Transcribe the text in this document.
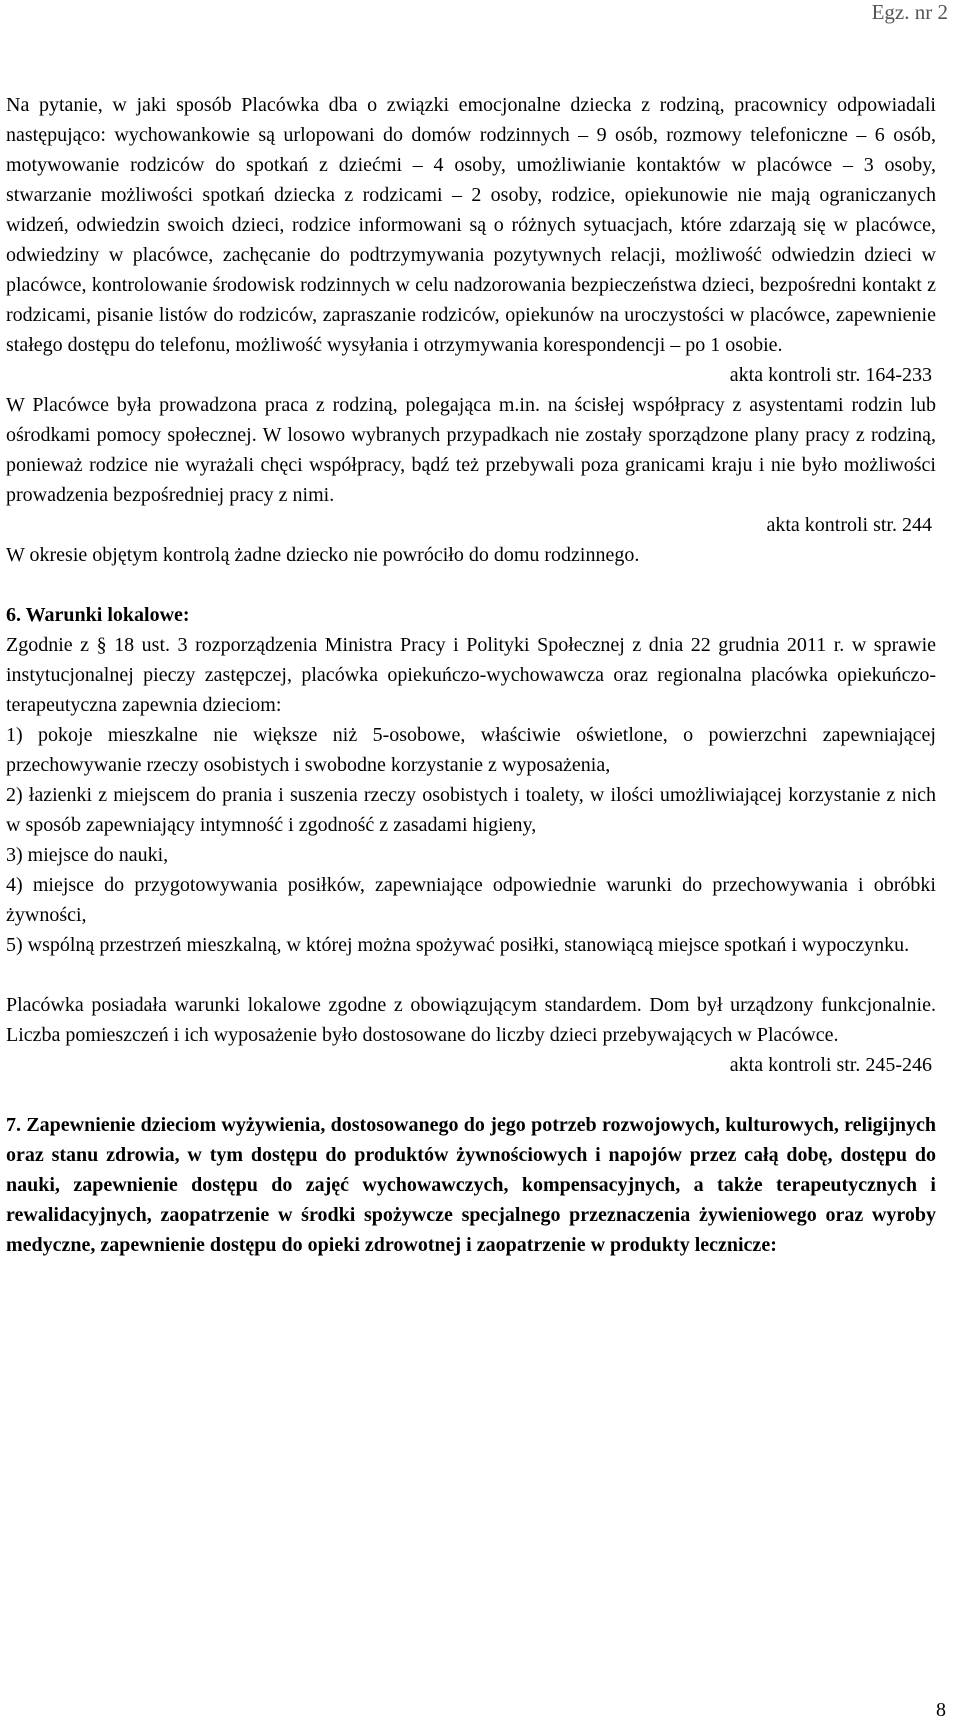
Egz. nr 2

Na pytanie, w jaki sposób Placówka dba o związki emocjonalne dziecka z rodziną, pracownicy odpowiadali następująco: wychowankowie są urlopowani do domów rodzinnych – 9 osób, rozmowy telefoniczne – 6 osób, motywowanie rodziców do spotkań z dziećmi – 4 osoby, umożliwianie kontaktów w placówce – 3 osoby, stwarzanie możliwości spotkań dziecka z rodzicami – 2 osoby, rodzice, opiekunowie nie mają ograniczanych widzeń, odwiedzin swoich dzieci, rodzice informowani są o różnych sytuacjach, które zdarzają się w placówce, odwiedziny w placówce, zachęcanie do podtrzymywania pozytywnych relacji, możliwość odwiedzin dzieci w placówce, kontrolowanie środowisk rodzinnych w celu nadzorowania bezpieczeństwa dzieci, bezpośredni kontakt z rodzicami, pisanie listów do rodziców, zapraszanie rodziców, opiekunów na uroczystości w placówce, zapewnienie stałego dostępu do telefonu, możliwość wysyłania i otrzymywania korespondencji – po 1 osobie.

akta kontroli str. 164-233

W Placówce była prowadzona praca z rodziną, polegająca m.in. na ścisłej współpracy z asystentami rodzin lub ośrodkami pomocy społecznej. W losowo wybranych przypadkach nie zostały sporządzone plany pracy z rodziną, ponieważ rodzice nie wyrażali chęci współpracy, bądź też przebywali poza granicami kraju i nie było możliwości prowadzenia bezpośredniej pracy z nimi.

akta kontroli str. 244

W okresie objętym kontrolą żadne dziecko nie powróciło do domu rodzinnego.

6. Warunki lokalowe:

Zgodnie z § 18 ust. 3 rozporządzenia Ministra Pracy i Polityki Społecznej z dnia 22 grudnia 2011 r. w sprawie instytucjonalnej pieczy zastępczej, placówka opiekuńczo-wychowawcza oraz regionalna placówka opiekuńczo-terapeutyczna zapewnia dzieciom:

1) pokoje mieszkalne nie większe niż 5-osobowe, właściwie oświetlone, o powierzchni zapewniającej przechowywanie rzeczy osobistych i swobodne korzystanie z wyposażenia,

2) łazienki z miejscem do prania i suszenia rzeczy osobistych i toalety, w ilości umożliwiającej korzystanie z nich w sposób zapewniający intymność i zgodność z zasadami higieny,

3) miejsce do nauki,

4) miejsce do przygotowywania posiłków, zapewniające odpowiednie warunki do przechowywania i obróbki żywności,

5) wspólną przestrzeń mieszkalną, w której można spożywać posiłki, stanowiącą miejsce spotkań i wypoczynku.

Placówka posiadała warunki lokalowe zgodne z obowiązującym standardem. Dom był urządzony funkcjonalnie. Liczba pomieszczeń i ich wyposażenie było dostosowane do liczby dzieci przebywających w Placówce.

akta kontroli str. 245-246

7. Zapewnienie dzieciom wyżywienia, dostosowanego do jego potrzeb rozwojowych, kulturowych, religijnych oraz stanu zdrowia, w tym dostępu do produktów żywnościowych i napojów przez całą dobę, dostępu do nauki, zapewnienie dostępu do zajęć wychowawczych, kompensacyjnych, a także terapeutycznych i rewalidacyjnych, zaopatrzenie w środki spożywcze specjalnego przeznaczenia żywieniowego oraz wyroby medyczne, zapewnienie dostępu do opieki zdrowotnej i zaopatrzenie w produkty lecznicze:

8
